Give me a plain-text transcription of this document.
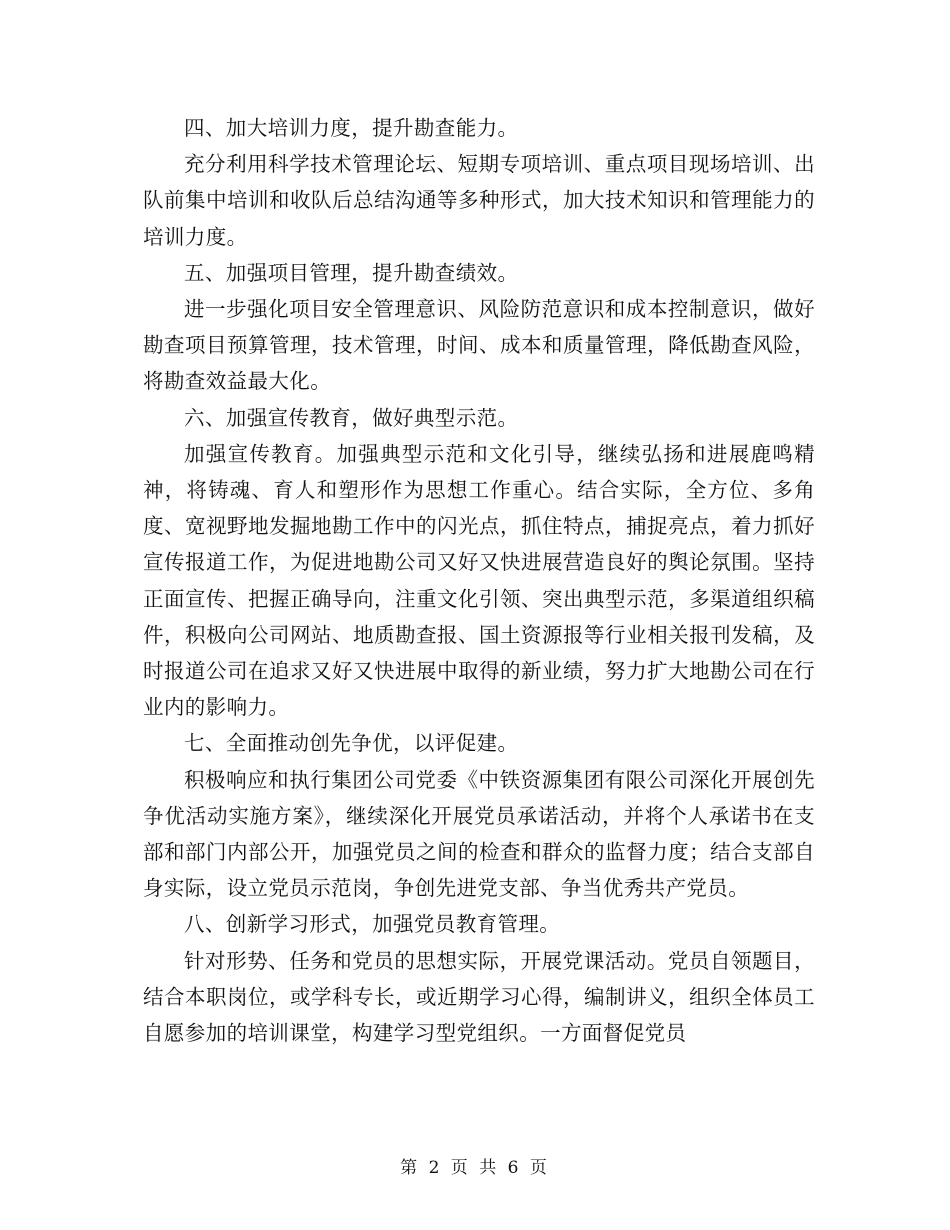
四、加大培训力度，提升勘查能力。

充分利用科学技术管理论坛、短期专项培训、重点项目现场培训、出队前集中培训和收队后总结沟通等多种形式，加大技术知识和管理能力的培训力度。

五、加强项目管理，提升勘查绩效。

进一步强化项目安全管理意识、风险防范意识和成本控制意识，做好勘查项目预算管理，技术管理，时间、成本和质量管理，降低勘查风险，将勘查效益最大化。

六、加强宣传教育，做好典型示范。

加强宣传教育。加强典型示范和文化引导，继续弘扬和进展鹿鸣精神，将铸魂、育人和塑形作为思想工作重心。结合实际，全方位、多角度、宽视野地发掘地勘工作中的闪光点，抓住特点，捕捉亮点，着力抓好宣传报道工作，为促进地勘公司又好又快进展营造良好的舆论氛围。坚持正面宣传、把握正确导向，注重文化引领、突出典型示范，多渠道组织稿件，积极向公司网站、地质勘查报、国土资源报等行业相关报刊发稿，及时报道公司在追求又好又快进展中取得的新业绩，努力扩大地勘公司在行业内的影响力。

七、全面推动创先争优，以评促建。

积极响应和执行集团公司党委《中铁资源集团有限公司深化开展创先争优活动实施方案》，继续深化开展党员承诺活动，并将个人承诺书在支部和部门内部公开，加强党员之间的检查和群众的监督力度；结合支部自身实际，设立党员示范岗，争创先进党支部、争当优秀共产党员。

八、创新学习形式，加强党员教育管理。

针对形势、任务和党员的思想实际，开展党课活动。党员自领题目，结合本职岗位，或学科专长，或近期学习心得，编制讲义，组织全体员工自愿参加的培训课堂，构建学习型党组织。一方面督促党员

第 2 页 共 6 页
